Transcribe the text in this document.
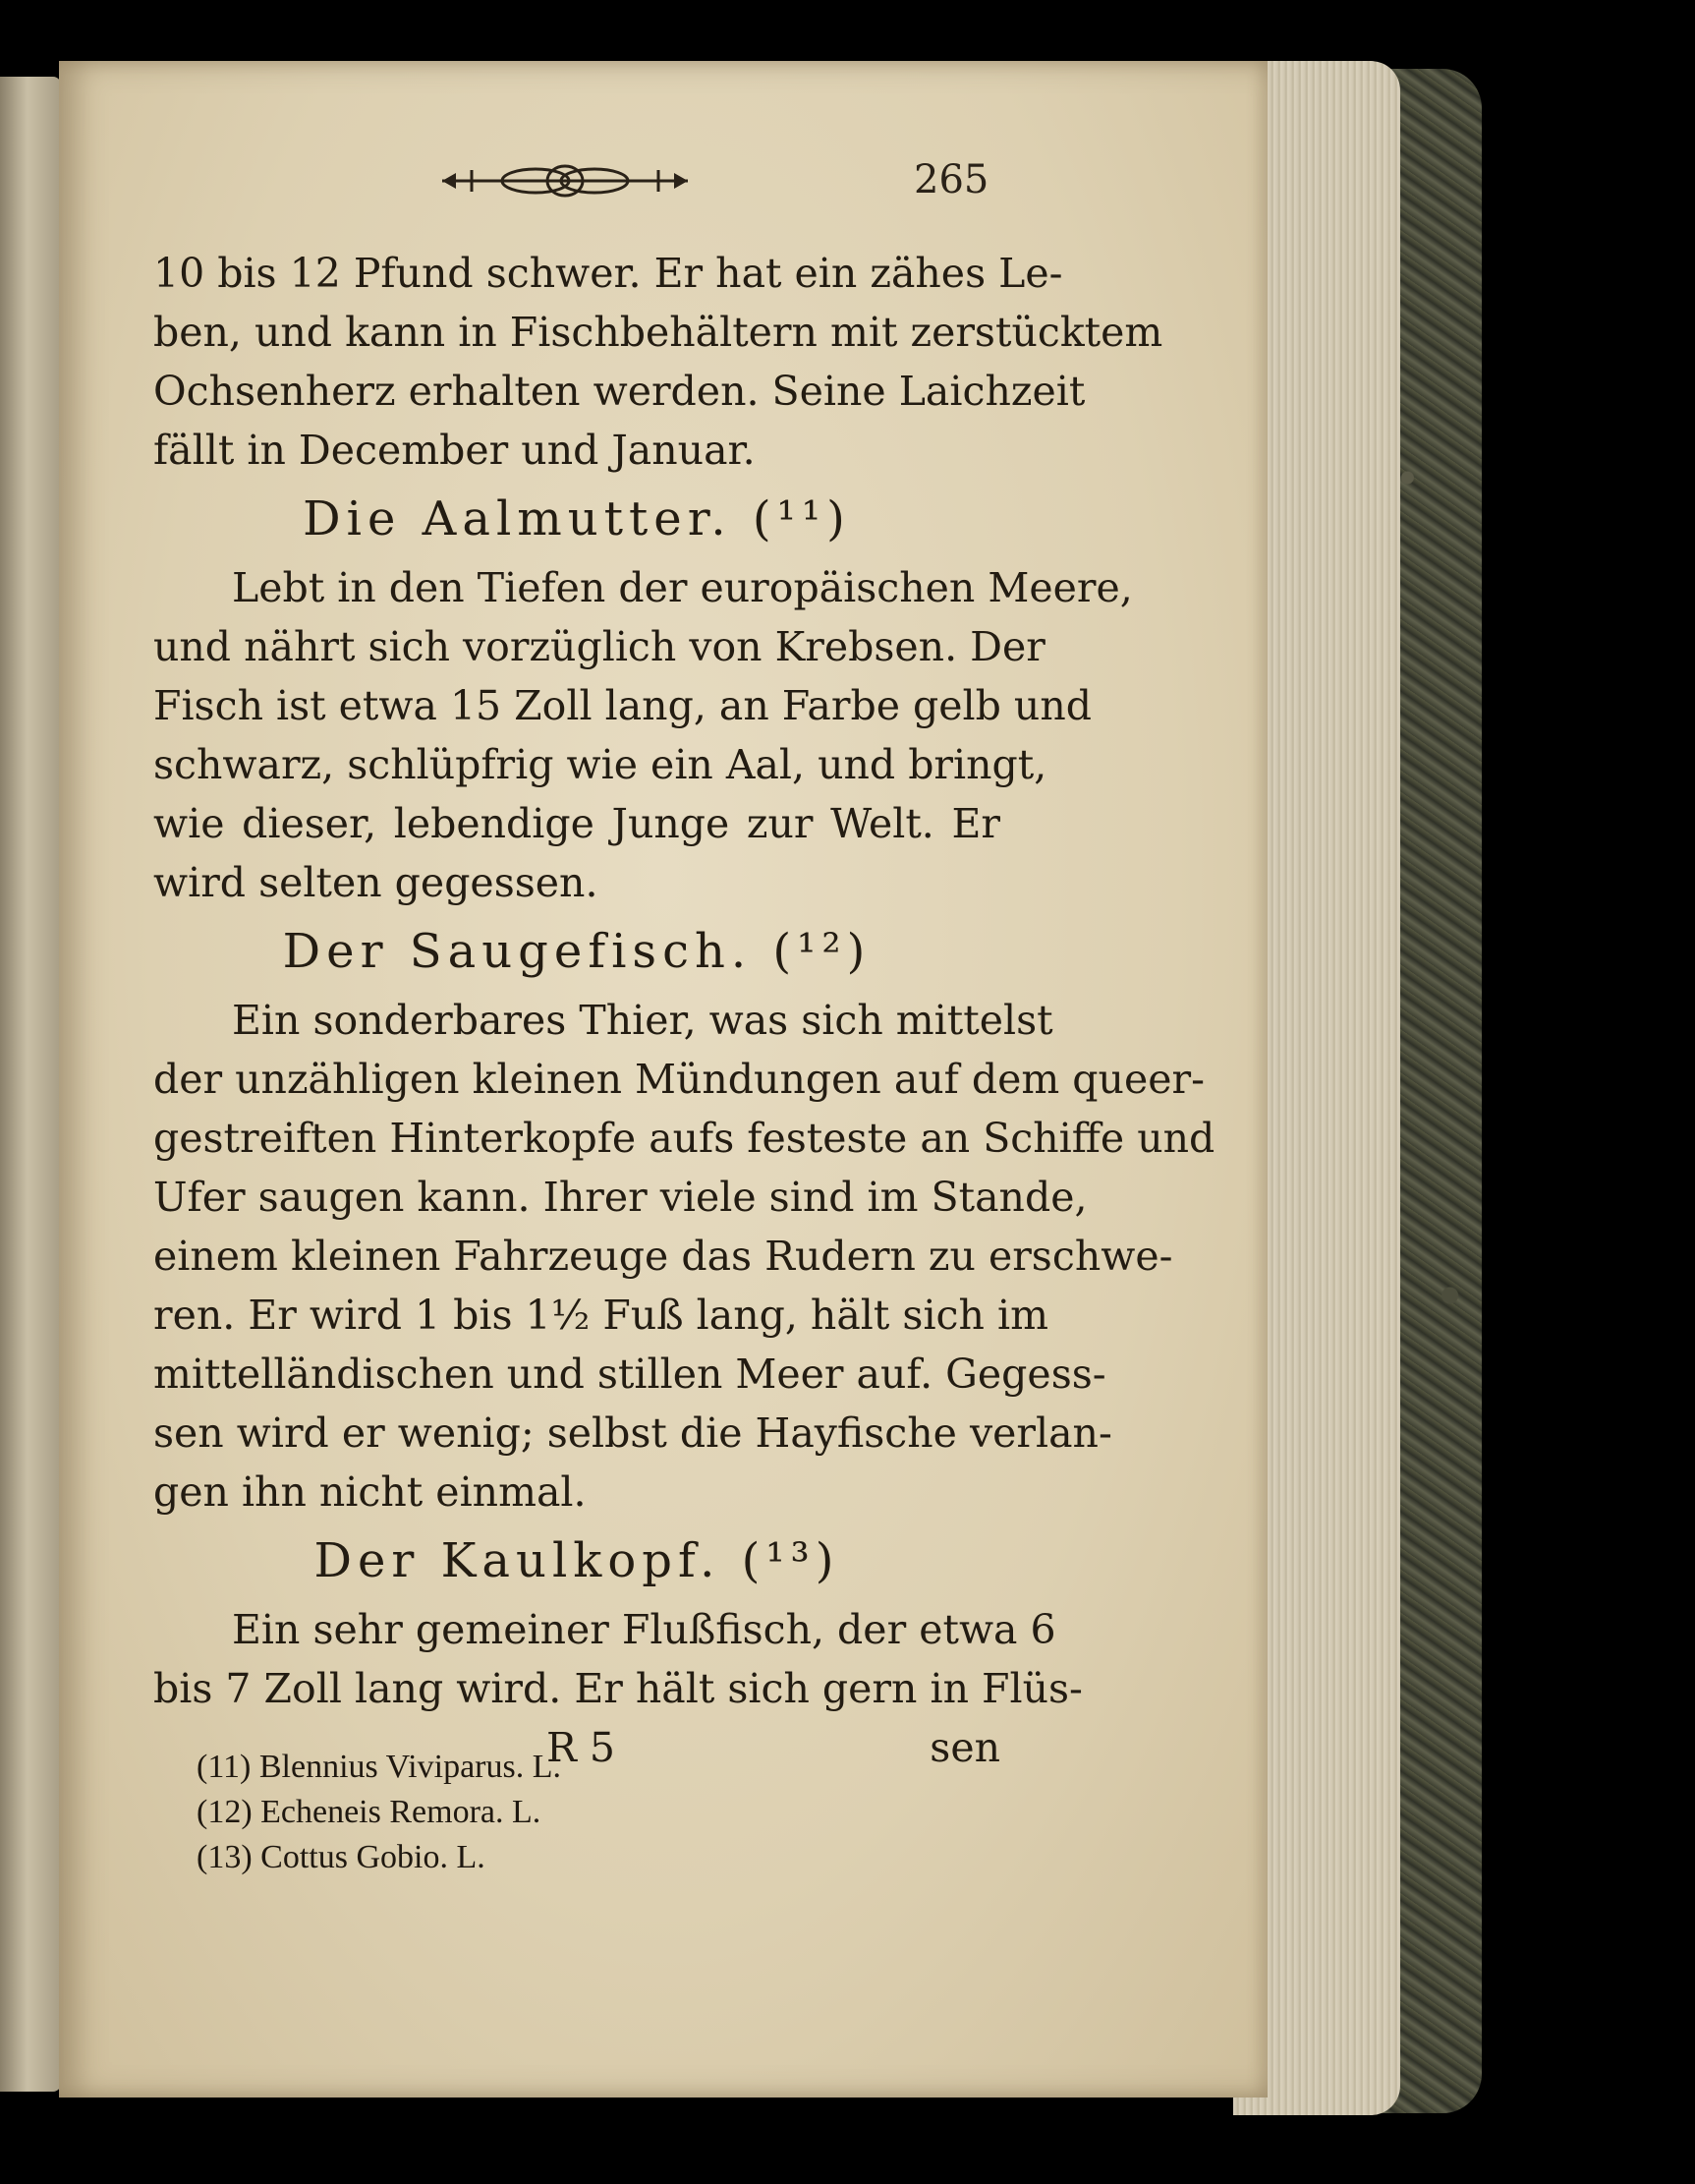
265
10 bis 12 Pfund schwer. Er hat ein zähes Le-
ben, und kann in Fischbehältern mit zerstücktem
Ochsenherz erhalten werden. Seine Laichzeit
fällt in December und Januar.
Die Aalmutter. (¹¹)
Lebt in den Tiefen der europäischen Meere,
und nährt sich vorzüglich von Krebsen. Der
Fisch ist etwa 15 Zoll lang, an Farbe gelb und
schwarz, schlüpfrig wie ein Aal, und bringt,
wie dieser, lebendige Junge zur Welt. Er
wird selten gegessen.
Der Saugefisch. (¹²)
Ein sonderbares Thier, was sich mittelst
der unzähligen kleinen Mündungen auf dem queer-
gestreiften Hinterkopfe aufs festeste an Schiffe und
Ufer saugen kann. Ihrer viele sind im Stande,
einem kleinen Fahrzeuge das Rudern zu erschwe-
ren. Er wird 1 bis 1½ Fuß lang, hält sich im
mittelländischen und stillen Meer auf. Gegess-
sen wird er wenig; selbst die Hayfische verlan-
gen ihn nicht einmal.
Der Kaulkopf. (¹³)
Ein sehr gemeiner Flußfisch, der etwa 6
bis 7 Zoll lang wird. Er hält sich gern in Flüs-
R 5	sen
(11) Blennius Viviparus. L.
(12) Echeneis Remora. L.
(13) Cottus Gobio. L.
